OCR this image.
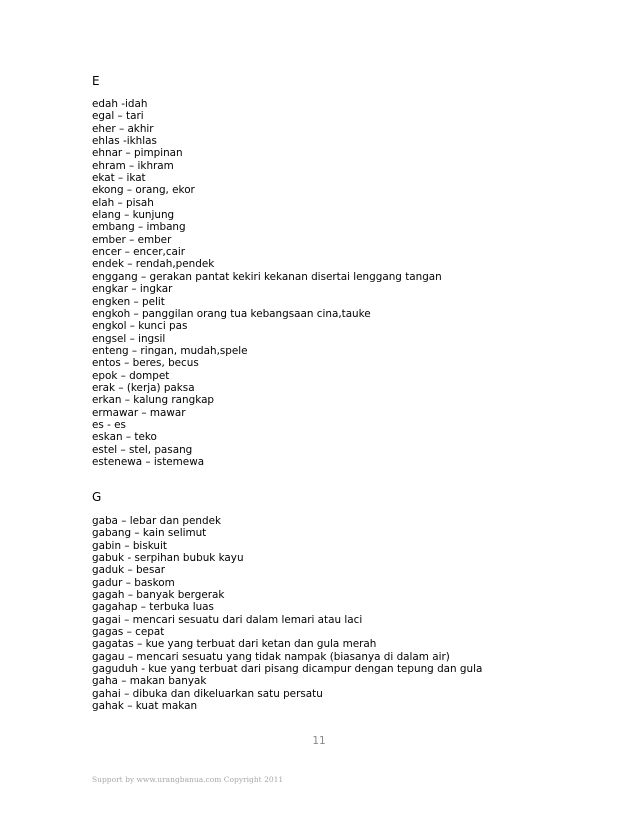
E
edah -idah
egal – tari
eher – akhir
ehlas -ikhlas
ehnar – pimpinan
ehram – ikhram
ekat – ikat
ekong – orang, ekor
elah – pisah
elang – kunjung
embang – imbang
ember – ember
encer – encer,cair
endek – rendah,pendek
enggang – gerakan pantat kekiri kekanan disertai lenggang tangan
engkar – ingkar
engken – pelit
engkoh – panggilan orang tua kebangsaan cina,tauke
engkol – kunci pas
engsel – ingsil
enteng – ringan, mudah,spele
entos – beres, becus
epok – dompet
erak – (kerja) paksa
erkan – kalung rangkap
ermawar – mawar
es - es
eskan – teko
estel – stel, pasang
estenewa – istemewa
G
gaba – lebar dan pendek
gabang – kain selimut
gabin – biskuit
gabuk - serpihan bubuk kayu
gaduk – besar
gadur – baskom
gagah – banyak bergerak
gagahap – terbuka luas
gagai – mencari sesuatu dari dalam lemari atau laci
gagas – cepat
gagatas – kue yang terbuat dari ketan dan gula merah
gagau – mencari sesuatu yang tidak nampak (biasanya di dalam air)
gaguduh - kue yang terbuat dari pisang dicampur dengan tepung dan gula
gaha – makan banyak
gahai – dibuka dan dikeluarkan satu persatu
gahak – kuat makan
11
Support by www.urangbanua.com Copyright 2011
